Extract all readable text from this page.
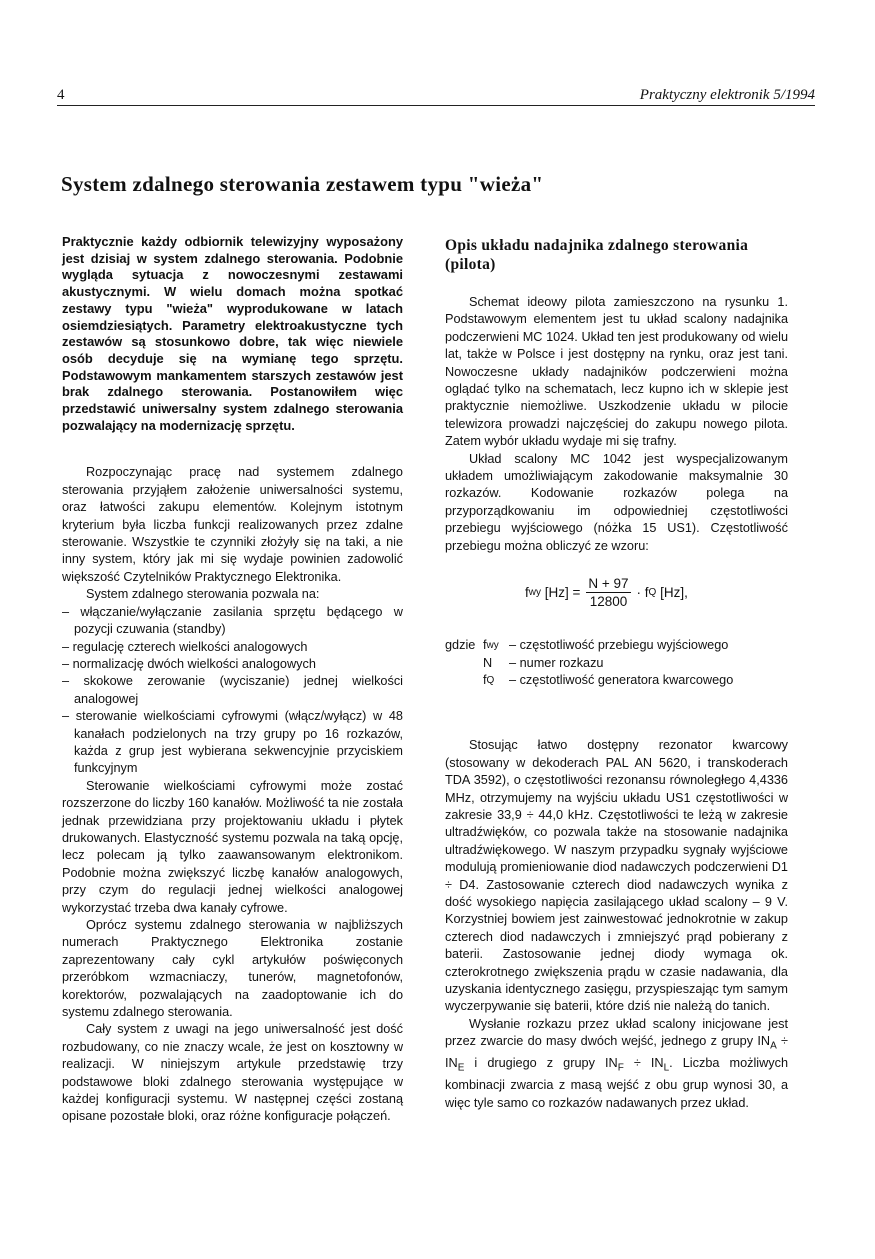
4	Praktyczny elektronik 5/1994
System zdalnego sterowania zestawem typu "wieża"

Praktycznie każdy odbiornik telewizyjny wyposażony jest dzisiaj w system zdalnego sterowania. Podobnie wygląda sytuacja z nowoczesnymi zestawami akustycznymi. W wielu domach można spotkać zestawy typu "wieża" wyprodukowane w latach osiemdziesiątych. Parametry elektroakustyczne tych zestawów są stosunkowo dobre, tak więc niewiele osób decyduje się na wymianę tego sprzętu. Podstawowym mankamentem starszych zestawów jest brak zdalnego sterowania. Postanowiłem więc przedstawić uniwersalny system zdalnego sterowania pozwalający na modernizację sprzętu.

Rozpoczynając pracę nad systemem zdalnego sterowania przyjąłem założenie uniwersalności systemu, oraz łatwości zakupu elementów. Kolejnym istotnym kryterium była liczba funkcji realizowanych przez zdalne sterowanie. Wszystkie te czynniki złożyły się na taki, a nie inny system, który jak mi się wydaje powinien zadowolić większość Czytelników Praktycznego Elektronika.

System zdalnego sterowania pozwala na:

– włączanie/wyłączanie zasilania sprzętu będącego w pozycji czuwania (standby)
– regulację czterech wielkości analogowych
– normalizację dwóch wielkości analogowych
– skokowe zerowanie (wyciszanie) jednej wielkości analogowej
– sterowanie wielkościami cyfrowymi (włącz/wyłącz) w 48 kanałach podzielonych na trzy grupy po 16 rozkazów, każda z grup jest wybierana sekwencyjnie przyciskiem funkcyjnym

Sterowanie wielkościami cyfrowymi może zostać rozszerzone do liczby 160 kanałów. Możliwość ta nie została jednak przewidziana przy projektowaniu układu i płytek drukowanych. Elastyczność systemu pozwala na taką opcję, lecz polecam ją tylko zaawansowanym elektronikom. Podobnie można zwiększyć liczbę kanałów analogowych, przy czym do regulacji jednej wielkości analogowej wykorzystać trzeba dwa kanały cyfrowe.

Oprócz systemu zdalnego sterowania w najbliższych numerach Praktycznego Elektronika zostanie zaprezentowany cały cykl artykułów poświęconych przeróbkom wzmacniaczy, tunerów, magnetofonów, korektorów, pozwalających na zaadoptowanie ich do systemu zdalnego sterowania.

Cały system z uwagi na jego uniwersalność jest dość rozbudowany, co nie znaczy wcale, że jest on kosztowny w realizacji. W niniejszym artykule przedstawię trzy podstawowe bloki zdalnego sterowania występujące w każdej konfiguracji systemu. W następnej części zostaną opisane pozostałe bloki, oraz różne konfiguracje połączeń.

Opis układu nadajnika zdalnego sterowania (pilota)

Schemat ideowy pilota zamieszczono na rysunku 1. Podstawowym elementem jest tu układ scalony nadajnika podczerwieni MC 1024. Układ ten jest produkowany od wielu lat, także w Polsce i jest dostępny na rynku, oraz jest tani. Nowoczesne układy nadajników podczerwieni można oglądać tylko na schematach, lecz kupno ich w sklepie jest praktycznie niemożliwe. Uszkodzenie układu w pilocie telewizora prowadzi najczęściej do zakupu nowego pilota. Zatem wybór układu wydaje mi się trafny.

Układ scalony MC 1042 jest wyspecjalizowanym układem umożliwiającym zakodowanie maksymalnie 30 rozkazów. Kodowanie rozkazów polega na przyporządkowaniu im odpowiedniej częstotliwości przebiegu wyjściowego (nóżka 15 US1). Częstotliwość przebiegu można obliczyć ze wzoru:

f wy $[Hz] = \frac{N + 97}{12800} \cdot f$ Q [Hz],
gdzie f wy – częstotliwość przebiegu wyjściowego
N – numer rozkazu
f Q – częstotliwość generatora kwarcowego

Stosując łatwo dostępny rezonator kwarcowy (stosowany w dekoderach PAL AN 5620, i transkoderach TDA 3592), o częstotliwości rezonansu równoległego 4,4336 MHz, otrzymujemy na wyjściu układu US1 częstotliwości w zakresie 33,9 ÷ 44,0 kHz. Częstotliwości te leżą w zakresie ultradźwięków, co pozwala także na stosowanie nadajnika ultradźwiękowego. W naszym przypadku sygnały wyjściowe modulują promieniowanie diod nadawczych podczerwieni D1 ÷ D4. Zastosowanie czterech diod nadawczych wynika z dość wysokiego napięcia zasilającego układ scalony – 9 V. Korzystniej bowiem jest zainwestować jednokrotnie w zakup czterech diod nadawczych i zmniejszyć prąd pobierany z baterii. Zastosowanie jednej diody wymaga ok. czterokrotnego zwiększenia prądu w czasie nadawania, dla uzyskania identycznego zasięgu, przyspieszając tym samym wyczerpywanie się baterii, które dziś nie należą do tanich.

Wysłanie rozkazu przez układ scalony inicjowane jest przez zwarcie do masy dwóch wejść, jednego z grupy $IN_A \div IN_E$ i drugiego z grupy $IN_F \div IN_L$. Liczba możliwych kombinacji zwarcia z masą wejść z obu grup wynosi 30, a więc tyle samo co rozkazów nadawanych przez układ.
